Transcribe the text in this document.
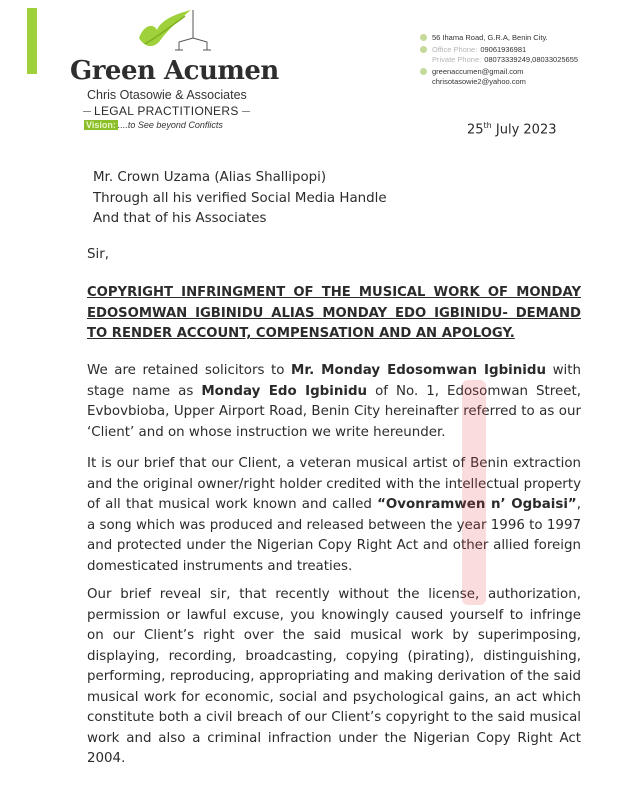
Green Acumen
Chris Otasowie & Associates
LEGAL PRACTITIONERS
Vision: ....to See beyond Conflicts
56 Ihama Road, G.R.A, Benin City.
Office Phone: 09061936981
Private Phone: 08073339249,08033025655
greenaccumen@gmail.com
chrisotasowie2@yahoo.com
25th July 2023
Mr. Crown Uzama (Alias Shallipopi)
Through all his verified Social Media Handle
And that of his Associates
Sir,
COPYRIGHT INFRINGMENT OF THE MUSICAL WORK OF MONDAY EDOSOMWAN IGBINIDU ALIAS MONDAY EDO IGBINIDU- DEMAND TO RENDER ACCOUNT, COMPENSATION AND AN APOLOGY.
We are retained solicitors to Mr. Monday Edosomwan Igbinidu with stage name as Monday Edo Igbinidu of No. 1, Edosomwan Street, Evbovbioba, Upper Airport Road, Benin City hereinafter referred to as our ‘Client’ and on whose instruction we write hereunder.
It is our brief that our Client, a veteran musical artist of Benin extraction and the original owner/right holder credited with the intellectual property of all that musical work known and called “Ovonramwen n’ Ogbaisi”, a song which was produced and released between the year 1996 to 1997 and protected under the Nigerian Copy Right Act and other allied foreign domesticated instruments and treaties.
Our brief reveal sir, that recently without the license, authorization, permission or lawful excuse, you knowingly caused yourself to infringe on our Client’s right over the said musical work by superimposing, displaying, recording, broadcasting, copying (pirating), distinguishing, performing, reproducing, appropriating and making derivation of the said musical work for economic, social and psychological gains, an act which constitute both a civil breach of our Client’s copyright to the said musical work and also a criminal infraction under the Nigerian Copy Right Act 2004.
